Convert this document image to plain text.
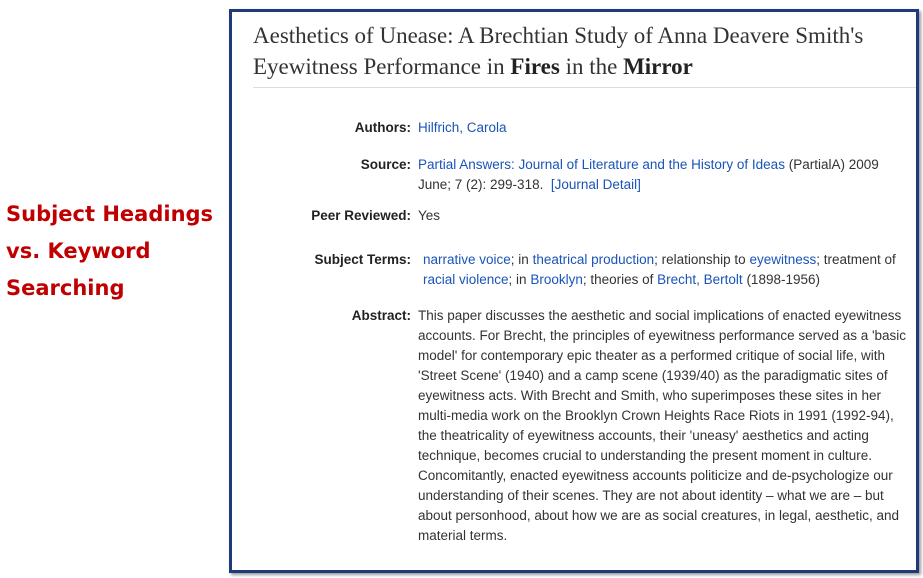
Subject Headings
vs. Keyword
Searching
Aesthetics of Unease: A Brechtian Study of Anna Deavere Smith's
Eyewitness Performance in Fires in the Mirror
Authors: Hilfrich, Carola
Source: Partial Answers: Journal of Literature and the History of Ideas (PartialA) 2009
June; 7 (2): 299-318. [Journal Detail]
Peer Reviewed: Yes
Subject Terms: narrative voice; in theatrical production; relationship to eyewitness; treatment of
racial violence; in Brooklyn; theories of Brecht, Bertolt (1898-1956)
Abstract: This paper discusses the aesthetic and social implications of enacted eyewitness
accounts. For Brecht, the principles of eyewitness performance served as a 'basic
model' for contemporary epic theater as a performed critique of social life, with
'Street Scene' (1940) and a camp scene (1939/40) as the paradigmatic sites of
eyewitness acts. With Brecht and Smith, who superimposes these sites in her
multi-media work on the Brooklyn Crown Heights Race Riots in 1991 (1992-94),
the theatricality of eyewitness accounts, their 'uneasy' aesthetics and acting
technique, becomes crucial to understanding the present moment in culture.
Concomitantly, enacted eyewitness accounts politicize and de-psychologize our
understanding of their scenes. They are not about identity – what we are – but
about personhood, about how we are as social creatures, in legal, aesthetic, and
material terms.
